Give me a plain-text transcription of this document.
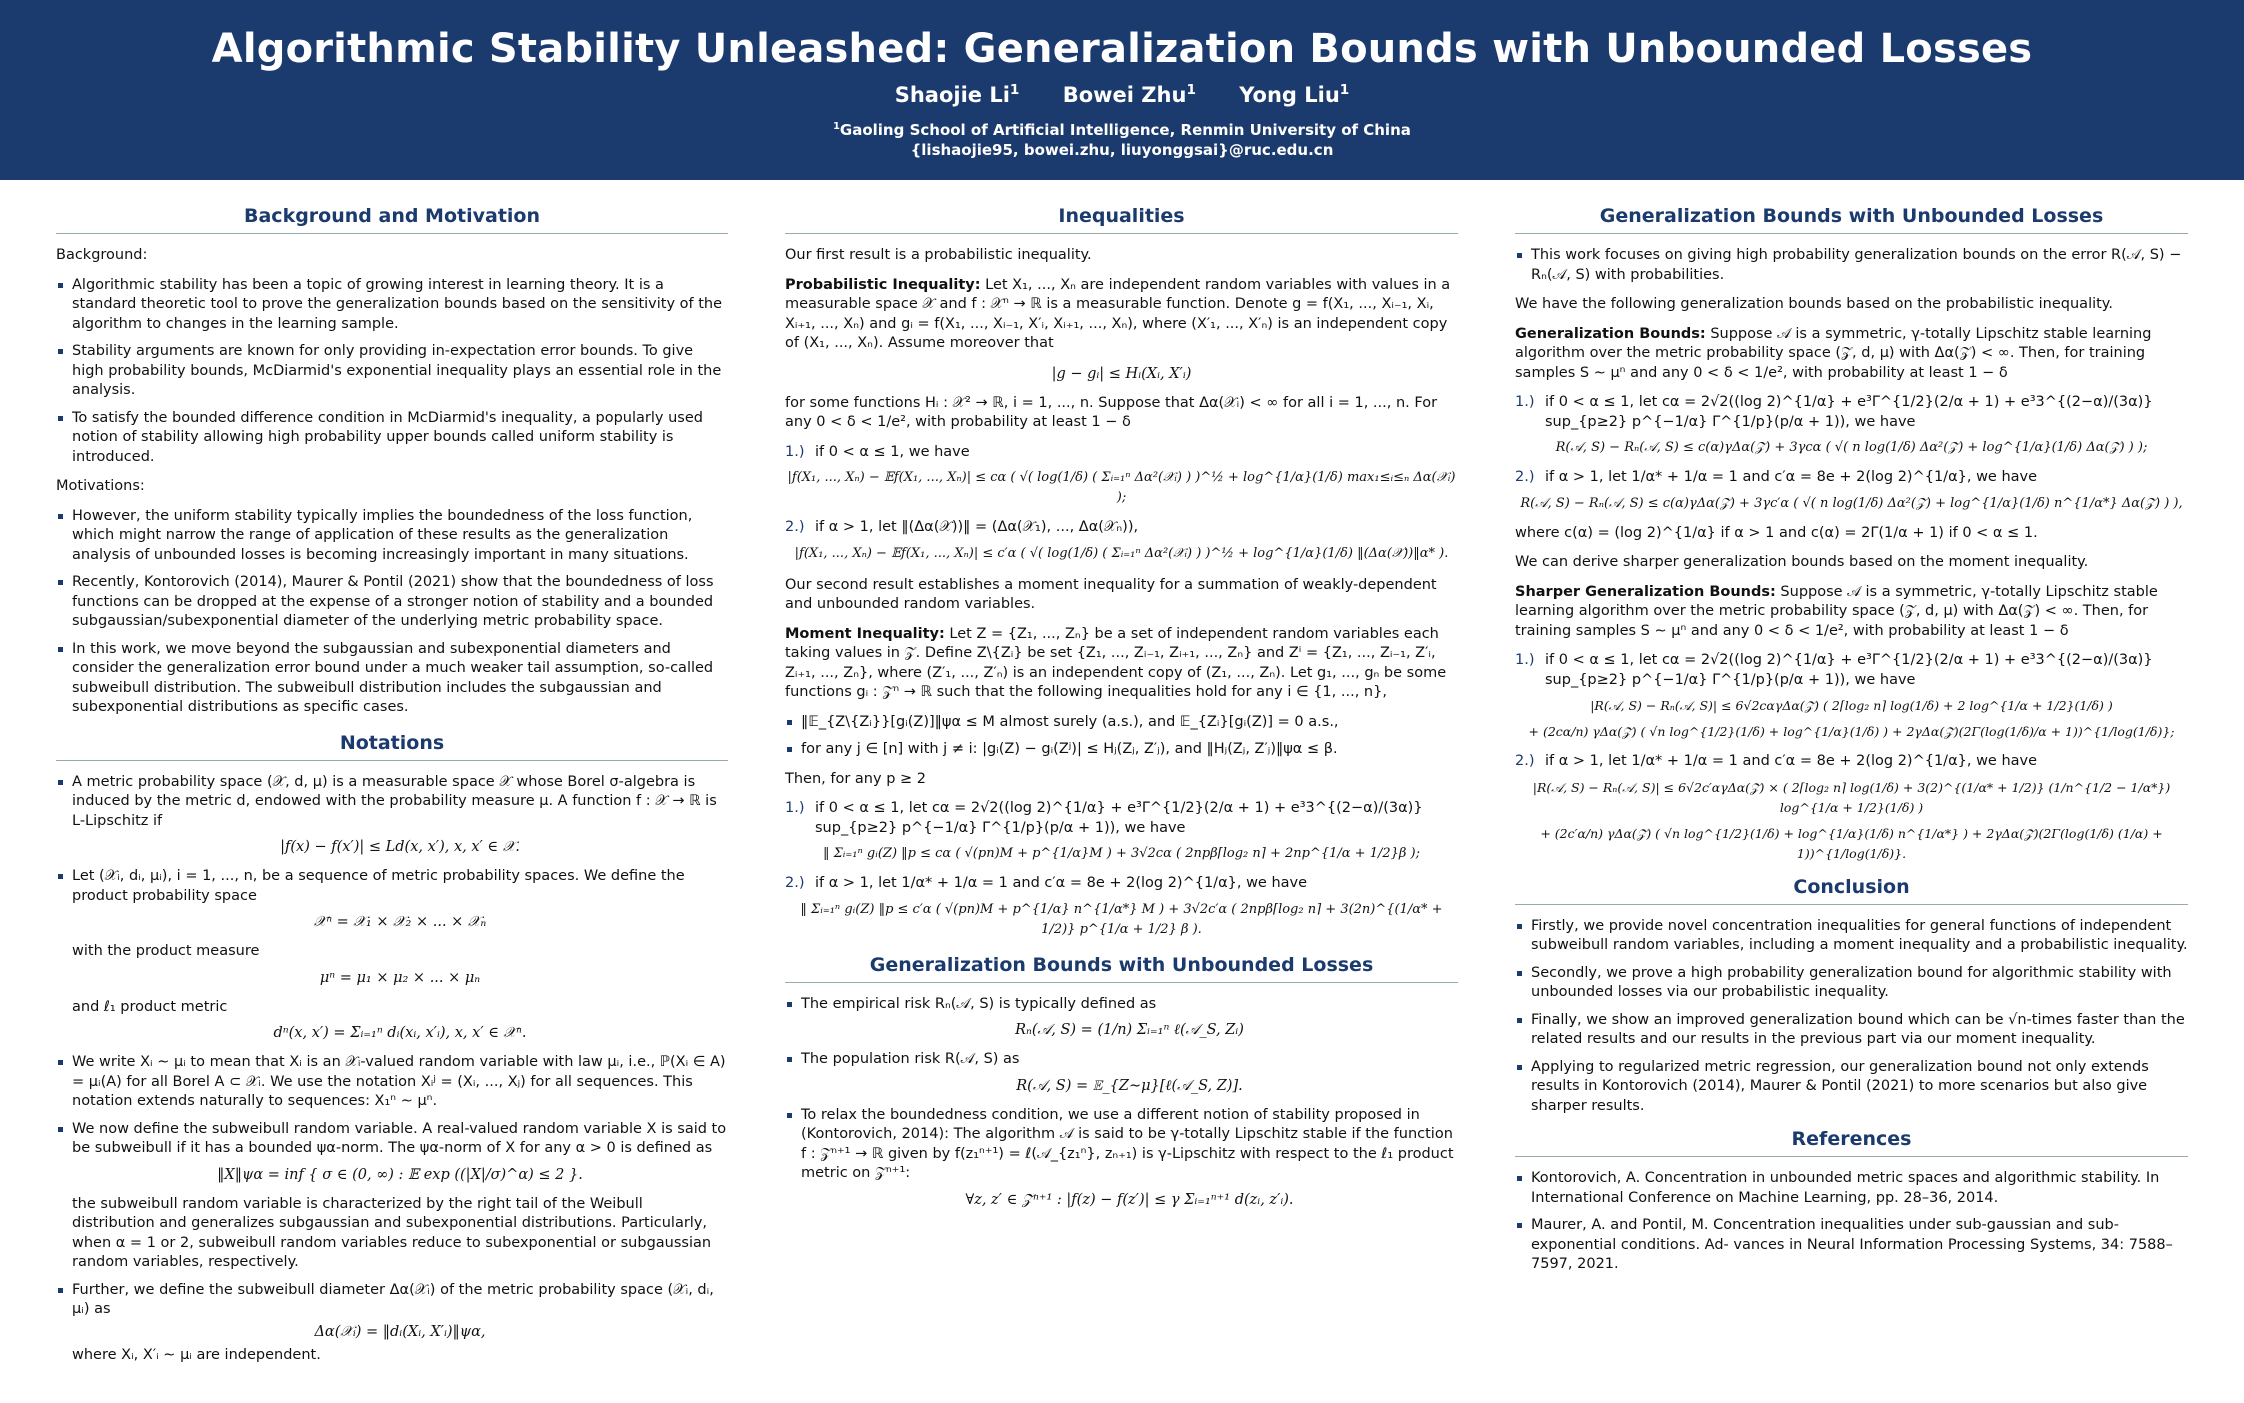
Algorithmic Stability Unleashed: Generalization Bounds with Unbounded Losses
Shaojie Li$^1$ Bowei Zhu$^1$ Yong Liu$^1$
$^1$Gaoling School of Artificial Intelligence, Renmin University of China
{lishaojie95, bowei.zhu, liuyonggsai}@ruc.edu.cn
Background and Motivation
Background:
Algorithmic stability has been a topic of growing interest in learning theory. It is a standard theoretic tool to prove the generalization bounds based on the sensitivity of the algorithm to changes in the learning sample.
Stability arguments are known for only providing in-expectation error bounds. To give high probability bounds, McDiarmid's exponential inequality plays an essential role in the analysis.
To satisfy the bounded difference condition in McDiarmid's inequality, a popularly used notion of stability allowing high probability upper bounds called uniform stability is introduced.
Motivations:
However, the uniform stability typically implies the boundedness of the loss function, which might narrow the range of application of these results as the generalization analysis of unbounded losses is becoming increasingly important in many situations.
Recently, Kontorovich (2014), Maurer & Pontil (2021) show that the boundedness of loss functions can be dropped at the expense of a stronger notion of stability and a bounded subgaussian/subexponential diameter of the underlying metric probability space.
In this work, we move beyond the subgaussian and subexponential diameters and consider the generalization error bound under a much weaker tail assumption, so-called subweibull distribution. The subweibull distribution includes the subgaussian and subexponential distributions as specific cases.
Notations
A metric probability space (𝒳, d, μ) is a measurable space 𝒳 whose Borel σ-algebra is induced by the metric d, endowed with the probability measure μ. A function f : 𝒳 → ℝ is L-Lipschitz if
|f(x) − f(x′)| ≤ Ld(x, x′), x, x′ ∈ 𝒳.
Let (𝒳ᵢ, dᵢ, μᵢ), i = 1, ..., n, be a sequence of metric probability spaces. We define the product probability space
𝒳ⁿ = 𝒳₁ × 𝒳₂ × ... × 𝒳ₙ
with the product measure
μⁿ = μ₁ × μ₂ × ... × μₙ
and ℓ₁ product metric
dⁿ(x, x′) = Σᵢ₌₁ⁿ dᵢ(xᵢ, x′ᵢ), x, x′ ∈ 𝒳ⁿ.
We write Xᵢ ∼ μᵢ to mean that Xᵢ is an 𝒳ᵢ-valued random variable with law μᵢ, i.e., ℙ(Xᵢ ∈ A) = μᵢ(A) for all Borel A ⊂ 𝒳ᵢ. We use the notation Xᵢʲ = (Xᵢ, ..., Xⱼ) for all sequences. This notation extends naturally to sequences: X₁ⁿ ∼ μⁿ.
We now define the subweibull random variable. A real-valued random variable X is said to be subweibull if it has a bounded ψα-norm. The ψα-norm of X for any α > 0 is defined as
‖X‖ψα = inf { σ ∈ (0, ∞) : 𝔼 exp ((|X|/σ)^α) ≤ 2 }.
the subweibull random variable is characterized by the right tail of the Weibull distribution and generalizes subgaussian and subexponential distributions. Particularly, when α = 1 or 2, subweibull random variables reduce to subexponential or subgaussian random variables, respectively.
Further, we define the subweibull diameter Δα(𝒳ᵢ) of the metric probability space (𝒳ᵢ, dᵢ, μᵢ) as
Δα(𝒳ᵢ) = ‖dᵢ(Xᵢ, X′ᵢ)‖ψα,
where Xᵢ, X′ᵢ ∼ μᵢ are independent.
Inequalities
Our first result is a probabilistic inequality.
Probabilistic Inequality: Let X₁, ..., Xₙ are independent random variables with values in a measurable space 𝒳 and f : 𝒳ⁿ → ℝ is a measurable function. Denote g = f(X₁, ..., Xᵢ₋₁, Xᵢ, Xᵢ₊₁, ..., Xₙ) and gᵢ = f(X₁, ..., Xᵢ₋₁, X′ᵢ, Xᵢ₊₁, ..., Xₙ), where (X′₁, ..., X′ₙ) is an independent copy of (X₁, ..., Xₙ). Assume moreover that
|g − gᵢ| ≤ Hᵢ(Xᵢ, X′ᵢ)
for some functions Hᵢ : 𝒳² → ℝ, i = 1, ..., n. Suppose that Δα(𝒳ᵢ) < ∞ for all i = 1, ..., n. For any 0 < δ < 1/e², with probability at least 1 − δ
1.) if 0 < α ≤ 1, we have
|f(X₁, ..., Xₙ) − 𝔼f(X₁, ..., Xₙ)| ≤ cα ( √( log(1/δ) ( Σᵢ₌₁ⁿ Δα²(𝒳ᵢ) ) )^½ + log^{1/α}(1/δ) max₁≤ᵢ≤ₙ Δα(𝒳ᵢ) );
2.) if α > 1, let ‖(Δα(𝒳))‖ = (Δα(𝒳₁), ..., Δα(𝒳ₙ)),
|f(X₁, ..., Xₙ) − 𝔼f(X₁, ..., Xₙ)| ≤ c′α ( √( log(1/δ) ( Σᵢ₌₁ⁿ Δα²(𝒳ᵢ) ) )^½ + log^{1/α}(1/δ) ‖(Δα(𝒳))‖α* ).
Our second result establishes a moment inequality for a summation of weakly-dependent and unbounded random variables.
Moment Inequality: Let Z = {Z₁, ..., Zₙ} be a set of independent random variables each taking values in 𝒵. Define Z\{Zᵢ} be set {Z₁, ..., Zᵢ₋₁, Zᵢ₊₁, ..., Zₙ} and Zⁱ = {Z₁, ..., Zᵢ₋₁, Z′ᵢ, Zᵢ₊₁, ..., Zₙ}, where (Z′₁, ..., Z′ₙ) is an independent copy of (Z₁, ..., Zₙ). Let g₁, ..., gₙ be some functions gᵢ : 𝒵ⁿ → ℝ such that the following inequalities hold for any i ∈ {1, ..., n},
‖𝔼_{Z\{Zᵢ}}[gᵢ(Z)]‖ψα ≤ M almost surely (a.s.), and 𝔼_{Zᵢ}[gᵢ(Z)] = 0 a.s.,
for any j ∈ [n] with j ≠ i: |gᵢ(Z) − gᵢ(Zʲ)| ≤ Hⱼ(Zⱼ, Z′ⱼ), and ‖Hⱼ(Zⱼ, Z′ⱼ)‖ψα ≤ β.
Then, for any p ≥ 2
1.) if 0 < α ≤ 1, let cα = 2√2((log 2)^{1/α} + e³Γ^{1/2}(2/α + 1) + e³3^{(2−α)/(3α)} sup_{p≥2} p^{−1/α} Γ^{1/p}(p/α + 1)), we have
‖ Σᵢ₌₁ⁿ gᵢ(Z) ‖p ≤ cα ( √(pn)M + p^{1/α}M ) + 3√2cα ( 2npβ⌈log₂ n⌉ + 2np^{1/α + 1/2}β );
2.) if α > 1, let 1/α* + 1/α = 1 and c′α = 8e + 2(log 2)^{1/α}, we have
‖ Σᵢ₌₁ⁿ gᵢ(Z) ‖p ≤ c′α ( √(pn)M + p^{1/α} n^{1/α*} M ) + 3√2c′α ( 2npβ⌈log₂ n⌉ + 3(2n)^{(1/α* + 1/2)} p^{1/α + 1/2} β ).
Generalization Bounds with Unbounded Losses
The empirical risk Rₙ(𝒜, S) is typically defined as
Rₙ(𝒜, S) = (1/n) Σᵢ₌₁ⁿ ℓ(𝒜_S, Zᵢ)
The population risk R(𝒜, S) as
R(𝒜, S) = 𝔼_{Z∼μ}[ℓ(𝒜_S, Z)].
To relax the boundedness condition, we use a different notion of stability proposed in (Kontorovich, 2014): The algorithm 𝒜 is said to be γ-totally Lipschitz stable if the function f : 𝒵ⁿ⁺¹ → ℝ given by f(z₁ⁿ⁺¹) = ℓ(𝒜_{z₁ⁿ}, zₙ₊₁) is γ-Lipschitz with respect to the ℓ₁ product metric on 𝒵ⁿ⁺¹:
∀z, z′ ∈ 𝒵ⁿ⁺¹ : |f(z) − f(z′)| ≤ γ Σᵢ₌₁ⁿ⁺¹ d(zᵢ, z′ᵢ).
Generalization Bounds with Unbounded Losses
This work focuses on giving high probability generalization bounds on the error R(𝒜, S) − Rₙ(𝒜, S) with probabilities.
We have the following generalization bounds based on the probabilistic inequality.
Generalization Bounds: Suppose 𝒜 is a symmetric, γ-totally Lipschitz stable learning algorithm over the metric probability space (𝒵, d, μ) with Δα(𝒵) < ∞. Then, for training samples S ∼ μⁿ and any 0 < δ < 1/e², with probability at least 1 − δ
1.) if 0 < α ≤ 1, let cα = 2√2((log 2)^{1/α} + e³Γ^{1/2}(2/α + 1) + e³3^{(2−α)/(3α)} sup_{p≥2} p^{−1/α} Γ^{1/p}(p/α + 1)), we have
R(𝒜, S) − Rₙ(𝒜, S) ≤ c(α)γΔα(𝒵) + 3γcα ( √( n log(1/δ) Δα²(𝒵) + log^{1/α}(1/δ) Δα(𝒵) ) );
2.) if α > 1, let 1/α* + 1/α = 1 and c′α = 8e + 2(log 2)^{1/α}, we have
R(𝒜, S) − Rₙ(𝒜, S) ≤ c(α)γΔα(𝒵) + 3γc′α ( √( n log(1/δ) Δα²(𝒵) + log^{1/α}(1/δ) n^{1/α*} Δα(𝒵) ) ),
where c(α) = (log 2)^{1/α} if α > 1 and c(α) = 2Γ(1/α + 1) if 0 < α ≤ 1.
We can derive sharper generalization bounds based on the moment inequality.
Sharper Generalization Bounds: Suppose 𝒜 is a symmetric, γ-totally Lipschitz stable learning algorithm over the metric probability space (𝒵, d, μ) with Δα(𝒵) < ∞. Then, for training samples S ∼ μⁿ and any 0 < δ < 1/e², with probability at least 1 − δ
1.) if 0 < α ≤ 1, let cα = 2√2((log 2)^{1/α} + e³Γ^{1/2}(2/α + 1) + e³3^{(2−α)/(3α)} sup_{p≥2} p^{−1/α} Γ^{1/p}(p/α + 1)), we have
|R(𝒜, S) − Rₙ(𝒜, S)| ≤ 6√2cαγΔα(𝒵) ( 2⌈log₂ n⌉ log(1/δ) + 2 log^{1/α + 1/2}(1/δ) )
+ (2cα/n) γΔα(𝒵) ( √n log^{1/2}(1/δ) + log^{1/α}(1/δ) ) + 2γΔα(𝒵)(2Γ(log(1/δ)/α + 1))^{1/log(1/δ)};
2.) if α > 1, let 1/α* + 1/α = 1 and c′α = 8e + 2(log 2)^{1/α}, we have
|R(𝒜, S) − Rₙ(𝒜, S)| ≤ 6√2c′αγΔα(𝒵) × ( 2⌈log₂ n⌉ log(1/δ) + 3(2)^{(1/α* + 1/2)} (1/n^{1/2 − 1/α*}) log^{1/α + 1/2}(1/δ) )
+ (2c′α/n) γΔα(𝒵) ( √n log^{1/2}(1/δ) + log^{1/α}(1/δ) n^{1/α*} ) + 2γΔα(𝒵)(2Γ(log(1/δ) (1/α) + 1))^{1/log(1/δ)}.
Conclusion
Firstly, we provide novel concentration inequalities for general functions of independent subweibull random variables, including a moment inequality and a probabilistic inequality.
Secondly, we prove a high probability generalization bound for algorithmic stability with unbounded losses via our probabilistic inequality.
Finally, we show an improved generalization bound which can be √n-times faster than the related results and our results in the previous part via our moment inequality.
Applying to regularized metric regression, our generalization bound not only extends results in Kontorovich (2014), Maurer & Pontil (2021) to more scenarios but also give sharper results.
References
Kontorovich, A. Concentration in unbounded metric spaces and algorithmic stability. In International Conference on Machine Learning, pp. 28–36, 2014.
Maurer, A. and Pontil, M. Concentration inequalities under sub-gaussian and sub-exponential conditions. Ad- vances in Neural Information Processing Systems, 34: 7588–7597, 2021.
